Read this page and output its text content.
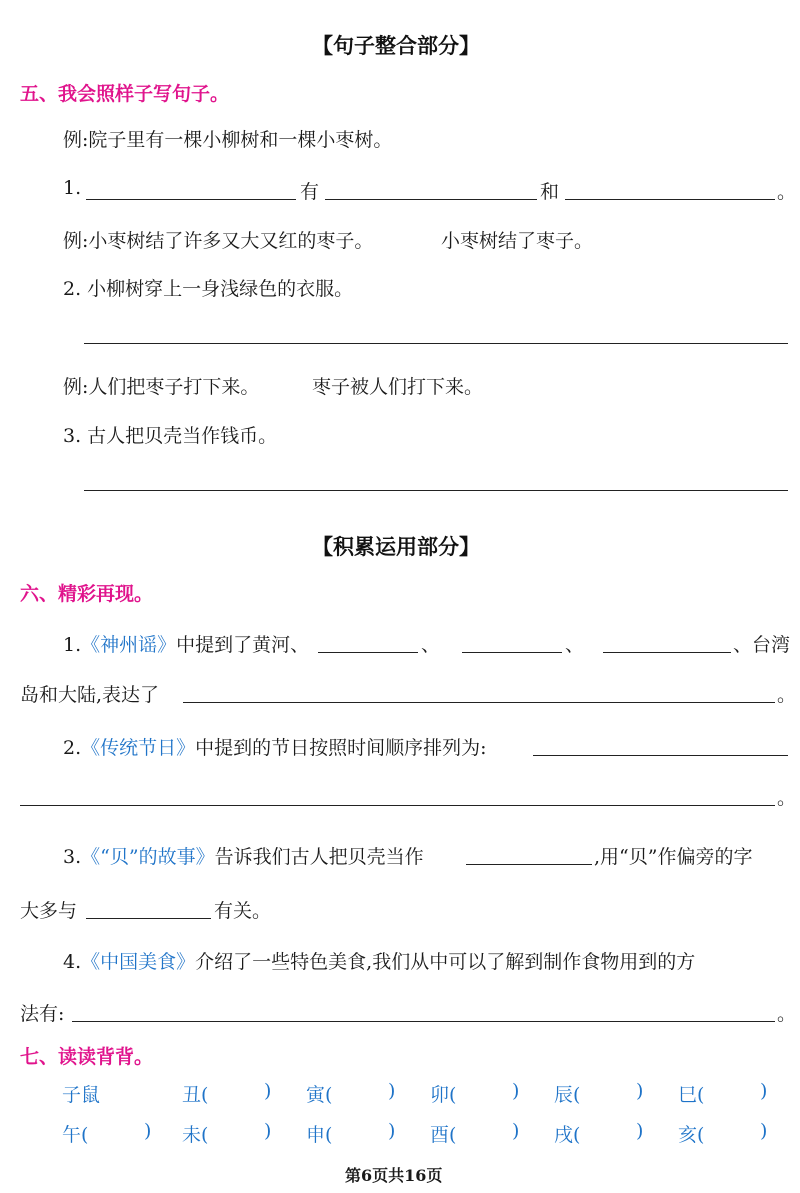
【句子整合部分】
五、我会照样子写句子。
例:院子里有一棵小柳树和一棵小枣树。
1.	有	和	。
例:小枣树结了许多又大又红的枣子。	小枣树结了枣子。
2. 小柳树穿上一身浅绿色的衣服。
例:人们把枣子打下来。	枣子被人们打下来。
3. 古人把贝壳当作钱币。
【积累运用部分】
六、精彩再现。
1.《神州谣》中提到了黄河、	、	、	、台湾
岛和大陆,表达了	。
2.《传统节日》中提到的节日按照时间顺序排列为:
。
3.《“贝”的故事》告诉我们古人把贝壳当作	,用“贝”作偏旁的字
大多与	有关。
4.《中国美食》介绍了一些特色美食,我们从中可以了解到制作食物用到的方
法有:	。
七、读读背背。
子鼠	丑(	) 寅(	) 卯(	) 辰(	) 巳(	)
午(	) 未(	) 申(	) 酉(	) 戌(	) 亥(	)
第6页共16页
